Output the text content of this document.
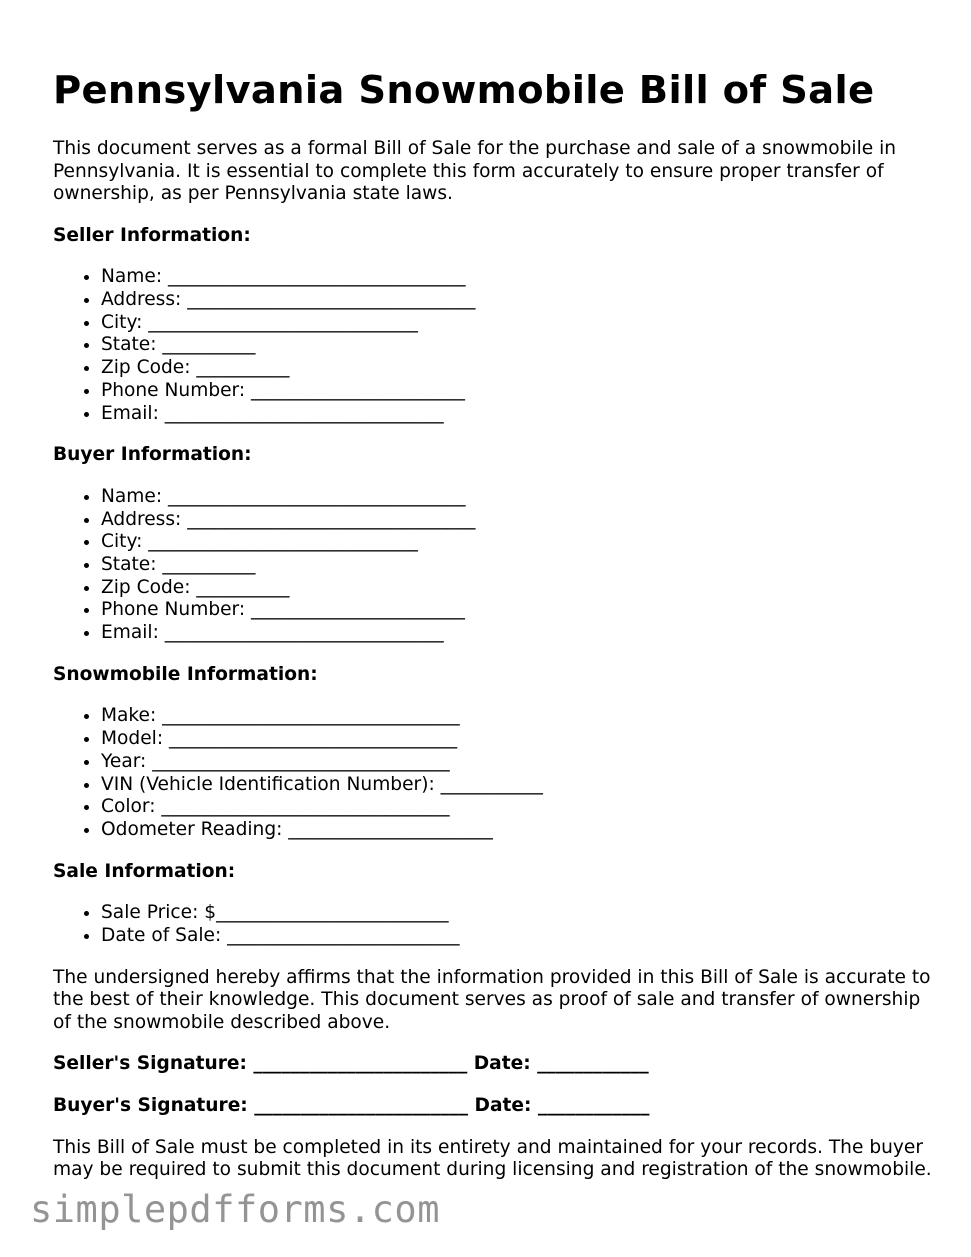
Pennsylvania Snowmobile Bill of Sale

This document serves as a formal Bill of Sale for the purchase and sale of a snowmobile in Pennsylvania. It is essential to complete this form accurately to ensure proper transfer of ownership, as per Pennsylvania state laws.

Seller Information:
• Name: ________________________________
• Address: _______________________________
• City: _____________________________
• State: __________
• Zip Code: __________
• Phone Number: _______________________
• Email: ______________________________
Buyer Information:
• Name: ________________________________
• Address: _______________________________
• City: _____________________________
• State: __________
• Zip Code: __________
• Phone Number: _______________________
• Email: ______________________________
Snowmobile Information:
• Make: ________________________________
• Model: _______________________________
• Year: ________________________________
• VIN (Vehicle Identification Number): ___________
• Color: _______________________________
• Odometer Reading: ______________________
Sale Information:
• Sale Price: $_________________________
• Date of Sale: _________________________

The undersigned hereby affirms that the information provided in this Bill of Sale is accurate to the best of their knowledge. This document serves as proof of sale and transfer of ownership of the snowmobile described above.

Seller's Signature: _______________________ Date: ____________
Buyer's Signature: _______________________ Date: ____________

This Bill of Sale must be completed in its entirety and maintained for your records. The buyer may be required to submit this document during licensing and registration of the snowmobile.

simplepdfforms.com
